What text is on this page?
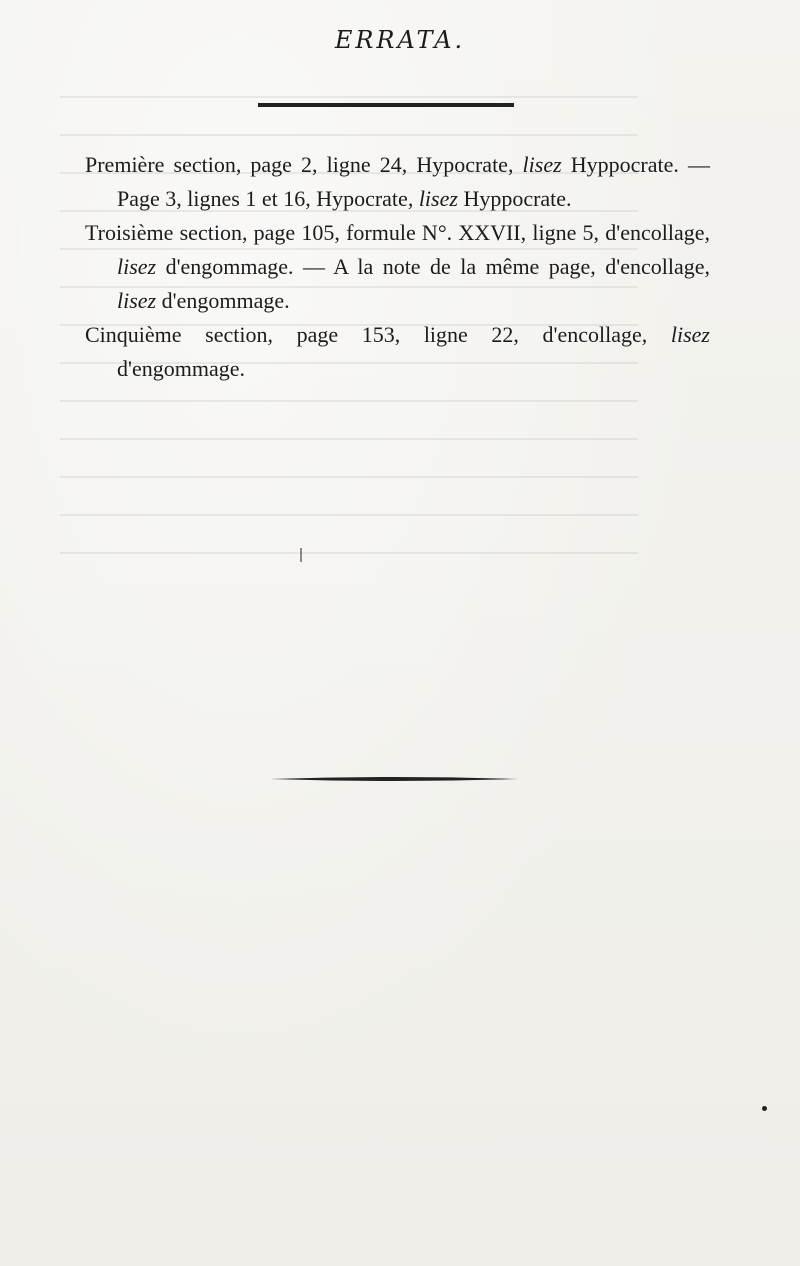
ERRATA.
Première section, page 2, ligne 24, Hypocrate, lisez Hyppocrate. — Page 3, lignes 1 et 16, Hypocrate, lisez Hyppocrate.
Troisième section, page 105, formule N°. XXVII, ligne 5, d'encollage, lisez d'engommage. — A la note de la même page, d'encollage, lisez d'engommage.
Cinquième section, page 153, ligne 22, d'encollage, lisez d'engommage.
